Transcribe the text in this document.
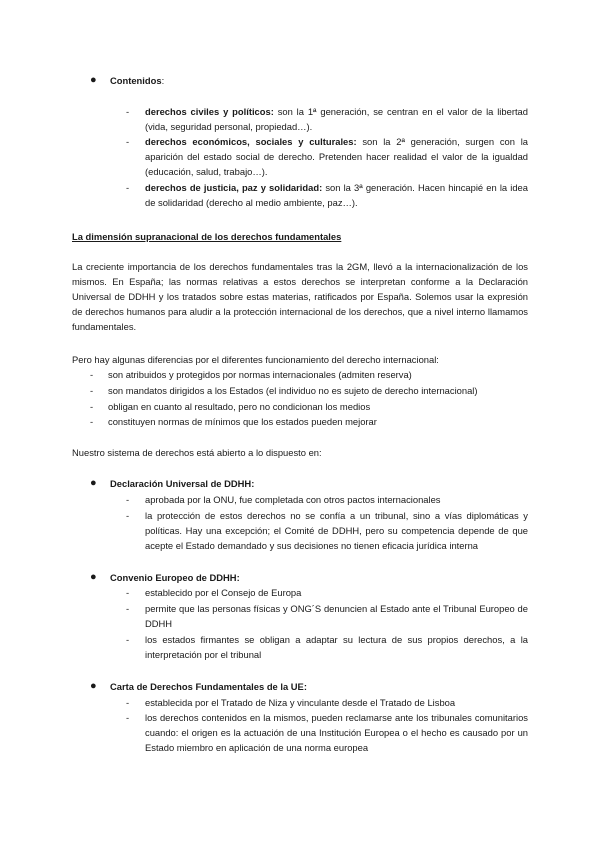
● Contenidos:
- derechos civiles y políticos: son la 1ª generación, se centran en el valor de la libertad (vida, seguridad personal, propiedad…).
- derechos económicos, sociales y culturales: son la 2ª generación, surgen con la aparición del estado social de derecho. Pretenden hacer realidad el valor de la igualdad (educación, salud, trabajo…).
- derechos de justicia, paz y solidaridad: son la 3ª generación. Hacen hincapié en la idea de solidaridad (derecho al medio ambiente, paz…).
La dimensión supranacional de los derechos fundamentales
La creciente importancia de los derechos fundamentales tras la 2GM, llevó a la internacionalización de los mismos. En España; las normas relativas a estos derechos se interpretan conforme a la Declaración Universal de DDHH y los tratados sobre estas materias, ratificados por España. Solemos usar la expresión de derechos humanos para aludir a la protección internacional de los derechos, que a nivel interno llamamos fundamentales.
Pero hay algunas diferencias por el diferentes funcionamiento del derecho internacional:
- son atribuidos y protegidos por normas internacionales (admiten reserva)
- son mandatos dirigidos a los Estados (el individuo no es sujeto de derecho internacional)
- obligan en cuanto al resultado, pero no condicionan los medios
- constituyen normas de mínimos que los estados pueden mejorar
Nuestro sistema de derechos está abierto a lo dispuesto en:
● Declaración Universal de DDHH:
- aprobada por la ONU, fue completada con otros pactos internacionales
- la protección de estos derechos no se confía a un tribunal, sino a vías diplomáticas y políticas. Hay una excepción; el Comité de DDHH, pero su competencia depende de que acepte el Estado demandado y sus decisiones no tienen eficacia jurídica interna
● Convenio Europeo de DDHH:
- establecido por el Consejo de Europa
- permite que las personas físicas y ONG´S denuncien al Estado ante el Tribunal Europeo de DDHH
- los estados firmantes se obligan a adaptar su lectura de sus propios derechos, a la interpretación por el tribunal
● Carta de Derechos Fundamentales de la UE:
- establecida por el Tratado de Niza y vinculante desde el Tratado de Lisboa
- los derechos contenidos en la mismos, pueden reclamarse ante los tribunales comunitarios cuando: el origen es la actuación de una Institución Europea o el hecho es causado por un Estado miembro en aplicación de una norma europea
